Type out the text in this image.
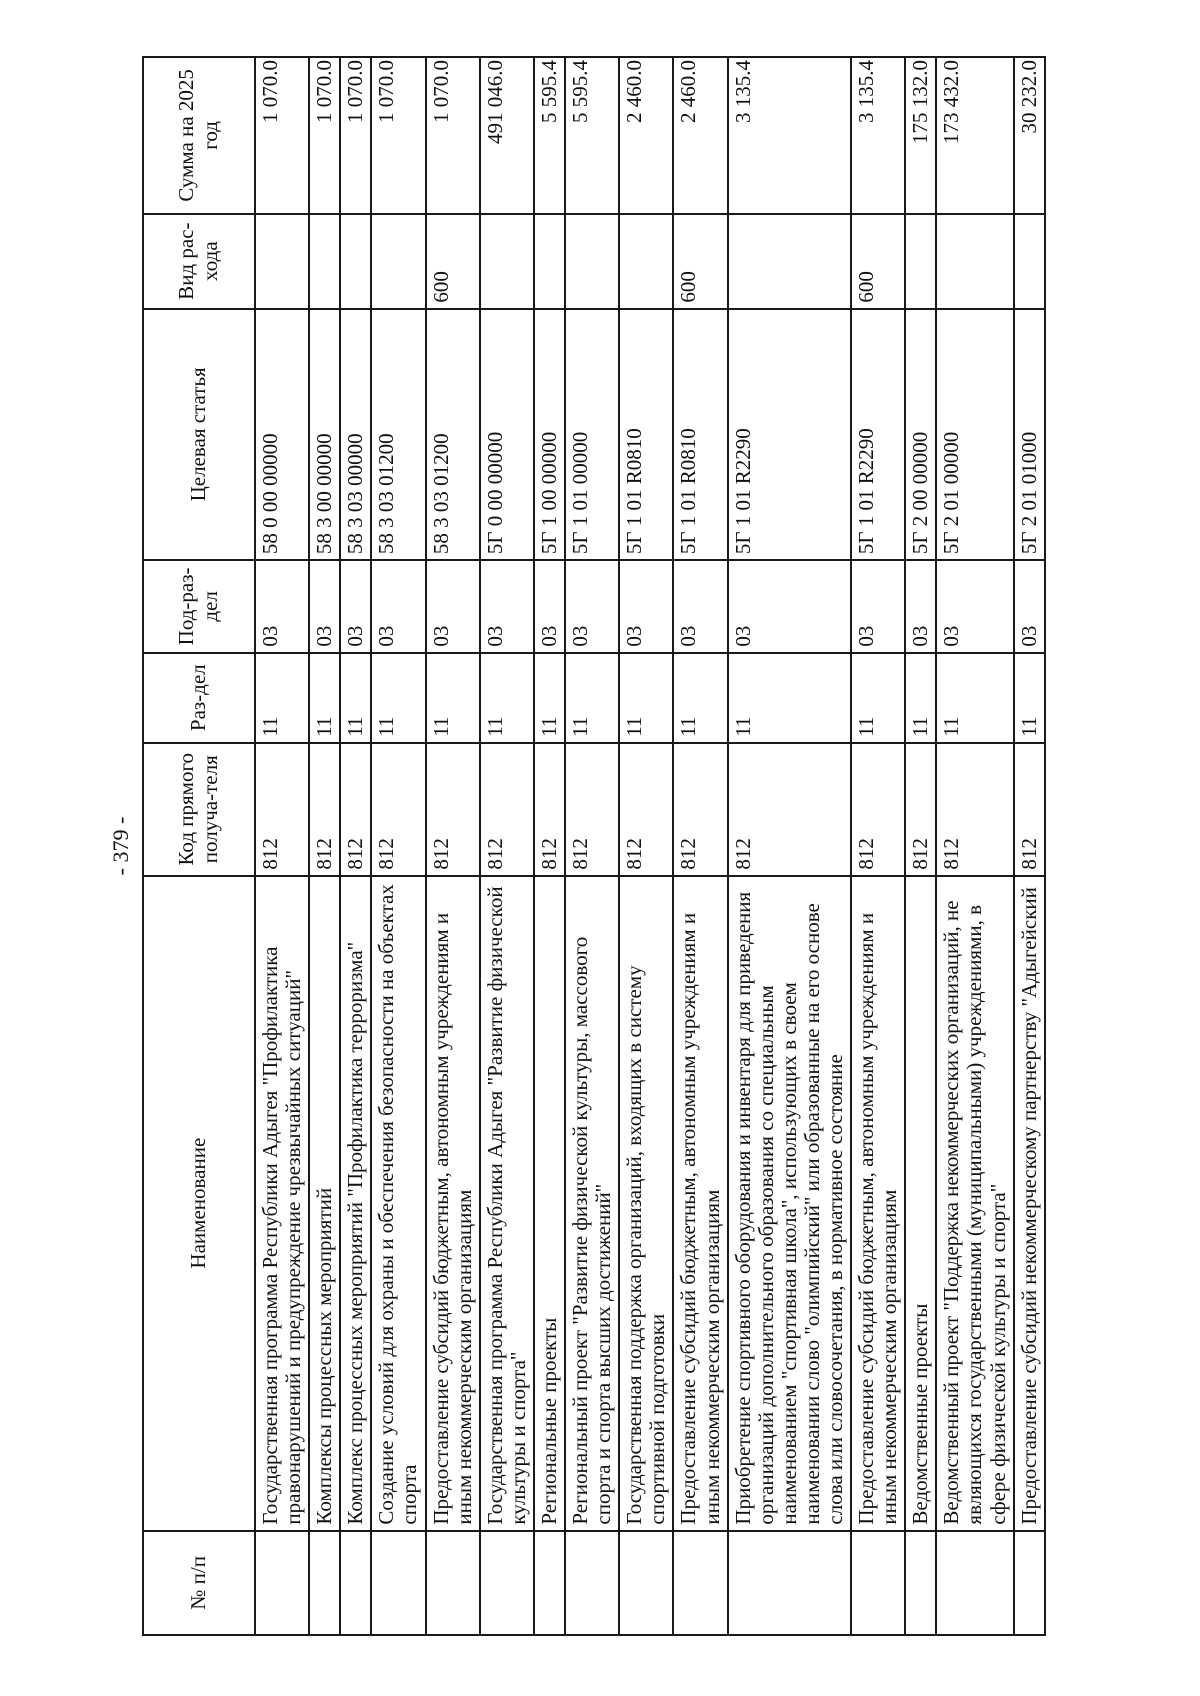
- 379 -
№ п/п	Наименование	Код прямого получа-теля	Раз-дел	Под-раз-дел	Целевая статья	Вид рас-хода	Сумма на 2025 год
	Государственная программа Республики Адыгея "Профилактика правонарушений и предупреждение чрезвычайных ситуаций"	812	11	03	58 0 00 00000		1 070.0
	Комплексы процессных мероприятий	812	11	03	58 3 00 00000		1 070.0
	Комплекс процессных мероприятий "Профилактика терроризма"	812	11	03	58 3 03 00000		1 070.0
	Создание условий для охраны и обеспечения безопасности на объектах спорта	812	11	03	58 3 03 01200		1 070.0
	Предоставление субсидий бюджетным, автономным учреждениям и иным некоммерческим организациям	812	11	03	58 3 03 01200	600	1 070.0
	Государственная программа Республики Адыгея "Развитие физической культуры и спорта"	812	11	03	5Г 0 00 00000		491 046.0
	Региональные проекты	812	11	03	5Г 1 00 00000		5 595.4
	Региональный проект "Развитие физической культуры, массового спорта и спорта высших достижений"	812	11	03	5Г 1 01 00000		5 595.4
	Государственная поддержка организаций, входящих в систему спортивной подготовки	812	11	03	5Г 1 01 R0810		2 460.0
	Предоставление субсидий бюджетным, автономным учреждениям и иным некоммерческим организациям	812	11	03	5Г 1 01 R0810	600	2 460.0
	Приобретение спортивного оборудования и инвентаря для приведения организаций дополнительного образования со специальным наименованием "спортивная школа", использующих в своем наименовании слово "олимпийский" или образованные на его основе слова или словосочетания, в нормативное состояние	812	11	03	5Г 1 01 R2290		3 135.4
	Предоставление субсидий бюджетным, автономным учреждениям и иным некоммерческим организациям	812	11	03	5Г 1 01 R2290	600	3 135.4
	Ведомственные проекты	812	11	03	5Г 2 00 00000		175 132.0
	Ведомственный проект "Поддержка некоммерческих организаций, не являющихся государственными (муниципальными) учреждениями, в сфере физической культуры и спорта"	812	11	03	5Г 2 01 00000		173 432.0
	Предоставление субсидий некоммерческому партнерству "Адыгейский	812	11	03	5Г 2 01 01000		30 232.0
